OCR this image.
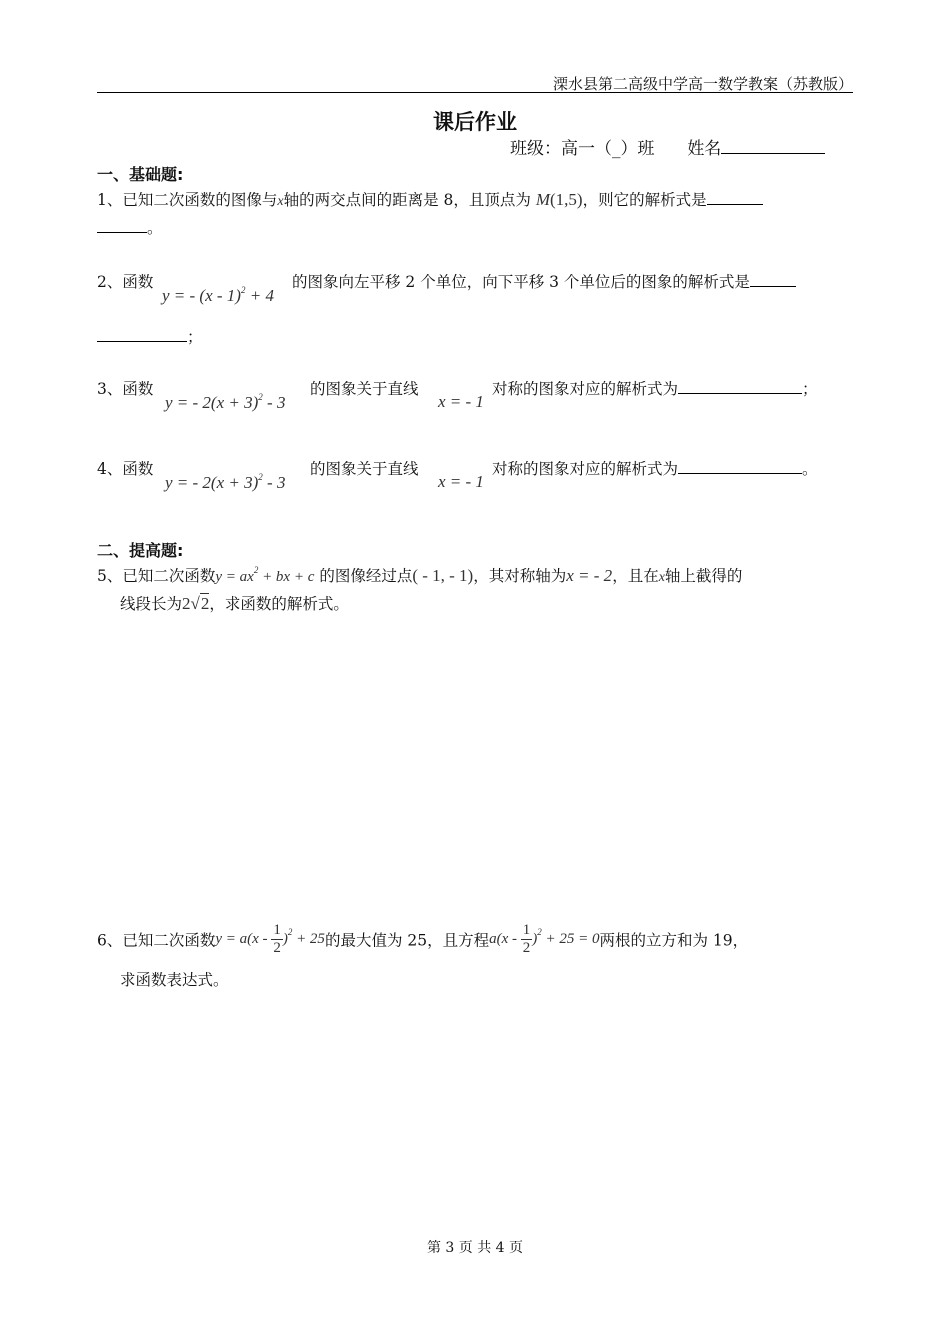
溧水县第二高级中学高一数学教案（苏教版）
课后作业
班级：高一（_）班 姓名
一、基础题:
1、已知二次函数的图像与x轴的两交点间的距离是 8，且顶点为 M(1,5)，则它的解析式是
。
2、函数
y = - (x - 1)$^2$ + 4
的图象向左平移 2 个单位，向下平移 3 个单位后的图象的解析式是
；
3、函数
y = - $2(x + 3)^2 - 3$
的图象关于直线
x = - 1
对称的图象对应的解析式为	；
4、函数
y = - $2(x + 3)^2 - 3$
的图象关于直线
x = - 1
对称的图象对应的解析式为	。
二、提高题:
5、已知二次函数$y = ax^2$ + bx + c 的图像经过点( - 1, - 1)，其对称轴为x = - 2，且在x轴上截得的
线段长为2√2，求函数的解析式。
6、已知二次函数$y = a(x - \frac{1}{2} )^2 + 25$的最大值为 25，且方程$a(x - \frac{1}{2} )^2 + 25 = 0$两根的立方和为 19，
求函数表达式。
第 3 页 共 4 页
